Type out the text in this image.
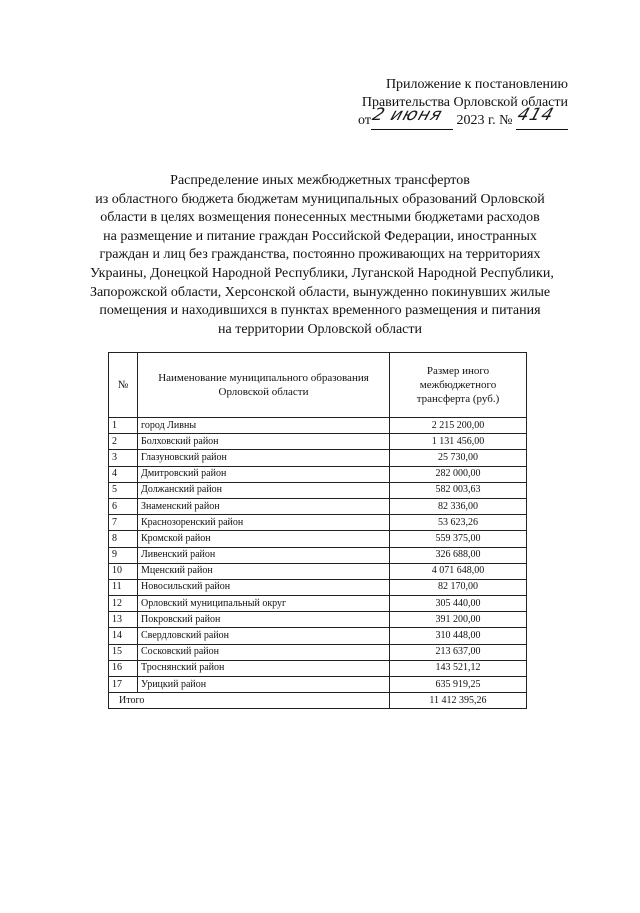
Приложение к постановлению
Правительства Орловской области
от
2 июня 2023 г. № 414
Распределение иных межбюджетных трансфертов
из областного бюджета бюджетам муниципальных образований Орловской
области в целях возмещения понесенных местными бюджетами расходов
на размещение и питание граждан Российской Федерации, иностранных
граждан и лиц без гражданства, постоянно проживающих на территориях
Украины, Донецкой Народной Республики, Луганской Народной Республики,
Запорожской области, Херсонской области, вынужденно покинувших жилые
помещения и находившихся в пунктах временного размещения и питания
на территории Орловской области
№	Наименование муниципального образования Орловской области	Размер иного межбюджетного трансферта (руб.)
1	город Ливны	2 215 200,00
2	Болховский район	1 131 456,00
3	Глазуновский район	25 730,00
4	Дмитровский район	282 000,00
5	Должанский район	582 003,63
6	Знаменский район	82 336,00
7	Краснозоренский район	53 623,26
8	Кромской район	559 375,00
9	Ливенский район	326 688,00
10	Мценский район	4 071 648,00
11	Новосильский район	82 170,00
12	Орловский муниципальный округ	305 440,00
13	Покровский район	391 200,00
14	Свердловский район	310 448,00
15	Сосковский район	213 637,00
16	Троснянский район	143 521,12
17	Урицкий район	635 919,25
Итого		11 412 395,26
